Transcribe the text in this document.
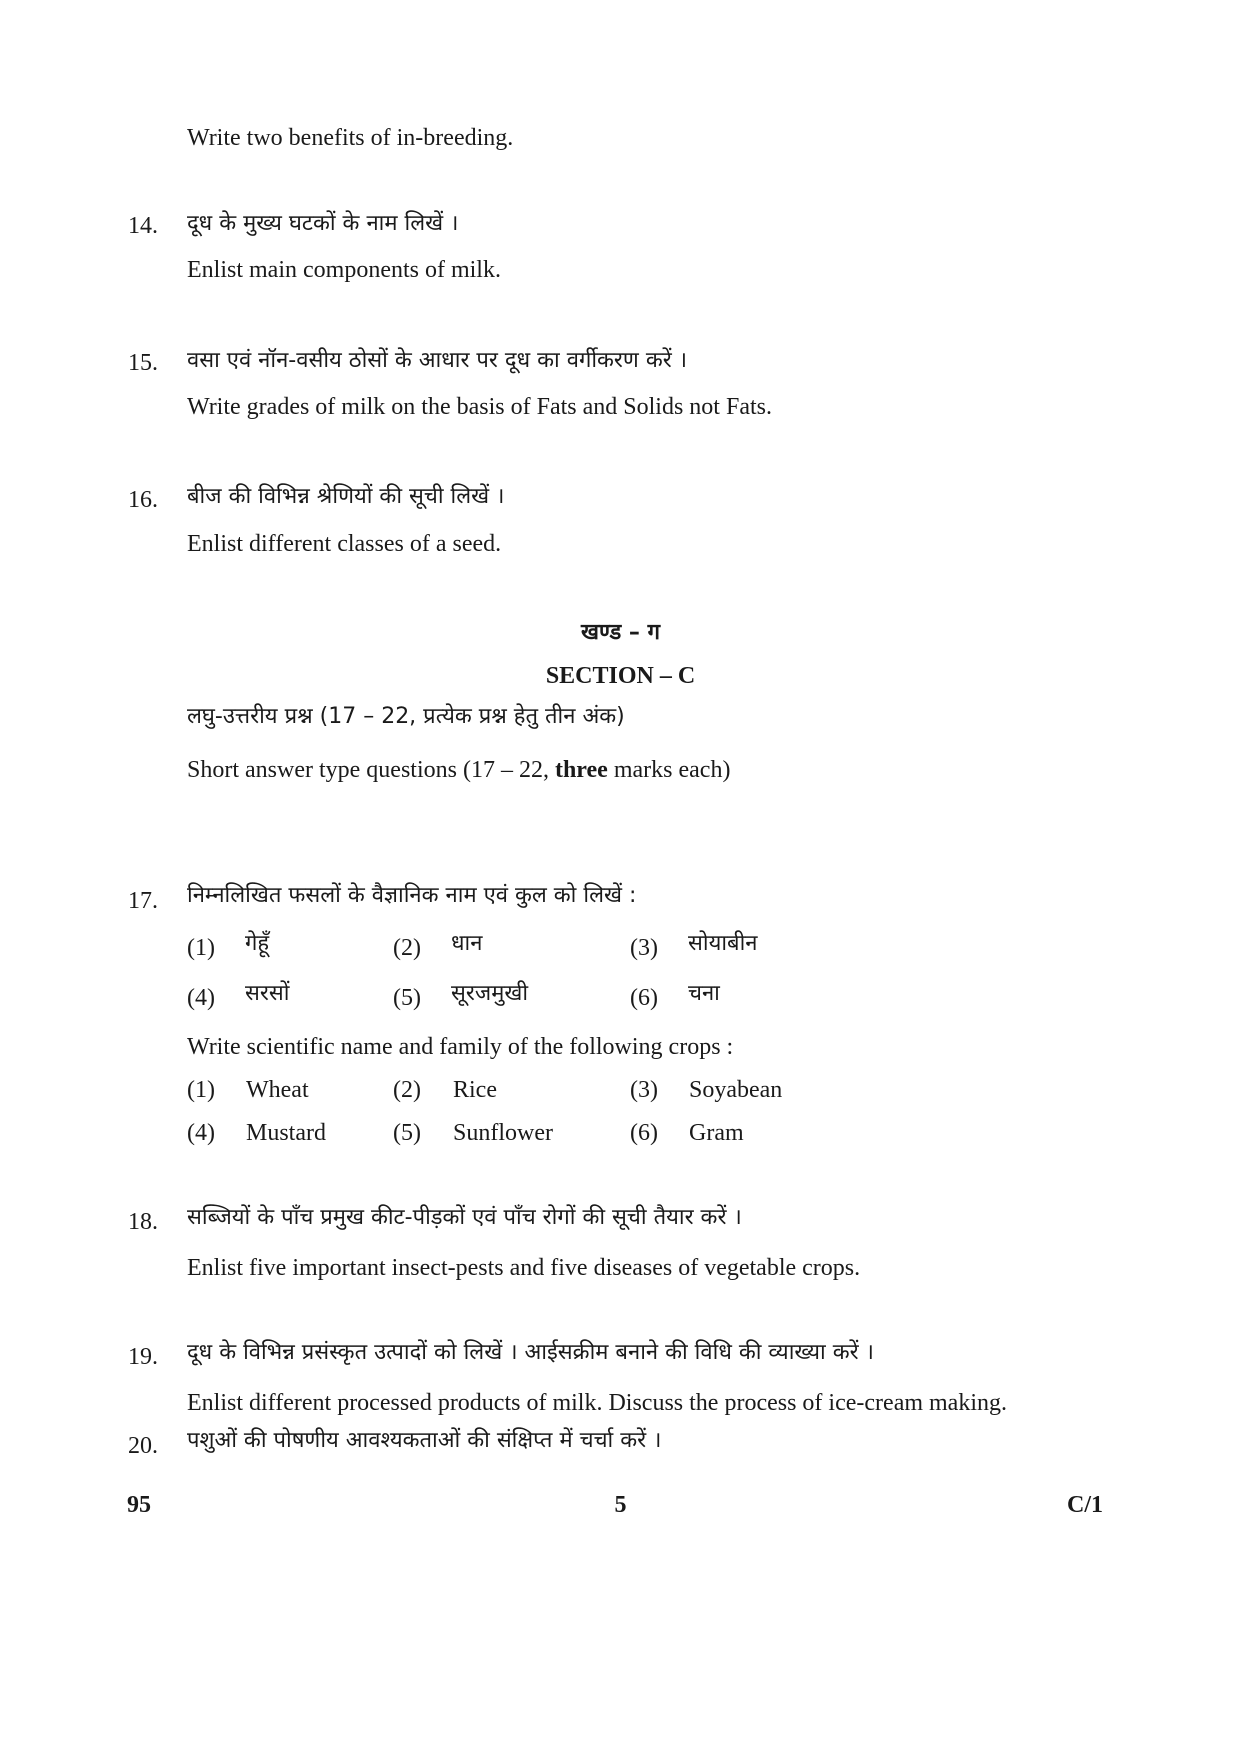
Write two benefits of in-breeding.
14. दूध के मुख्य घटकों के नाम लिखें ।
Enlist main components of milk.
15. वसा एवं नॉन-वसीय ठोसों के आधार पर दूध का वर्गीकरण करें ।
Write grades of milk on the basis of Fats and Solids not Fats.
16. बीज की विभिन्न श्रेणियों की सूची लिखें ।
Enlist different classes of a seed.
खण्ड – ग
SECTION – C
लघु-उत्तरीय प्रश्न (17 – 22, प्रत्येक प्रश्न हेतु तीन अंक)
Short answer type questions (17 – 22, three marks each)
17. निम्नलिखित फसलों के वैज्ञानिक नाम एवं कुल को लिखें :
(1) गेहूँ	(2) धान	(3) सोयाबीन
(4) सरसों	(5) सूरजमुखी	(6) चना
Write scientific name and family of the following crops :
(1) Wheat	(2) Rice	(3) Soyabean
(4) Mustard	(5) Sunflower	(6) Gram
18. सब्जियों के पाँच प्रमुख कीट-पीड़कों एवं पाँच रोगों की सूची तैयार करें ।
Enlist five important insect-pests and five diseases of vegetable crops.
19. दूध के विभिन्न प्रसंस्कृत उत्पादों को लिखें । आईसक्रीम बनाने की विधि की व्याख्या करें ।
Enlist different processed products of milk. Discuss the process of ice-cream making.
20. पशुओं की पोषणीय आवश्यकताओं की संक्षिप्त में चर्चा करें ।
95	5	C/1
